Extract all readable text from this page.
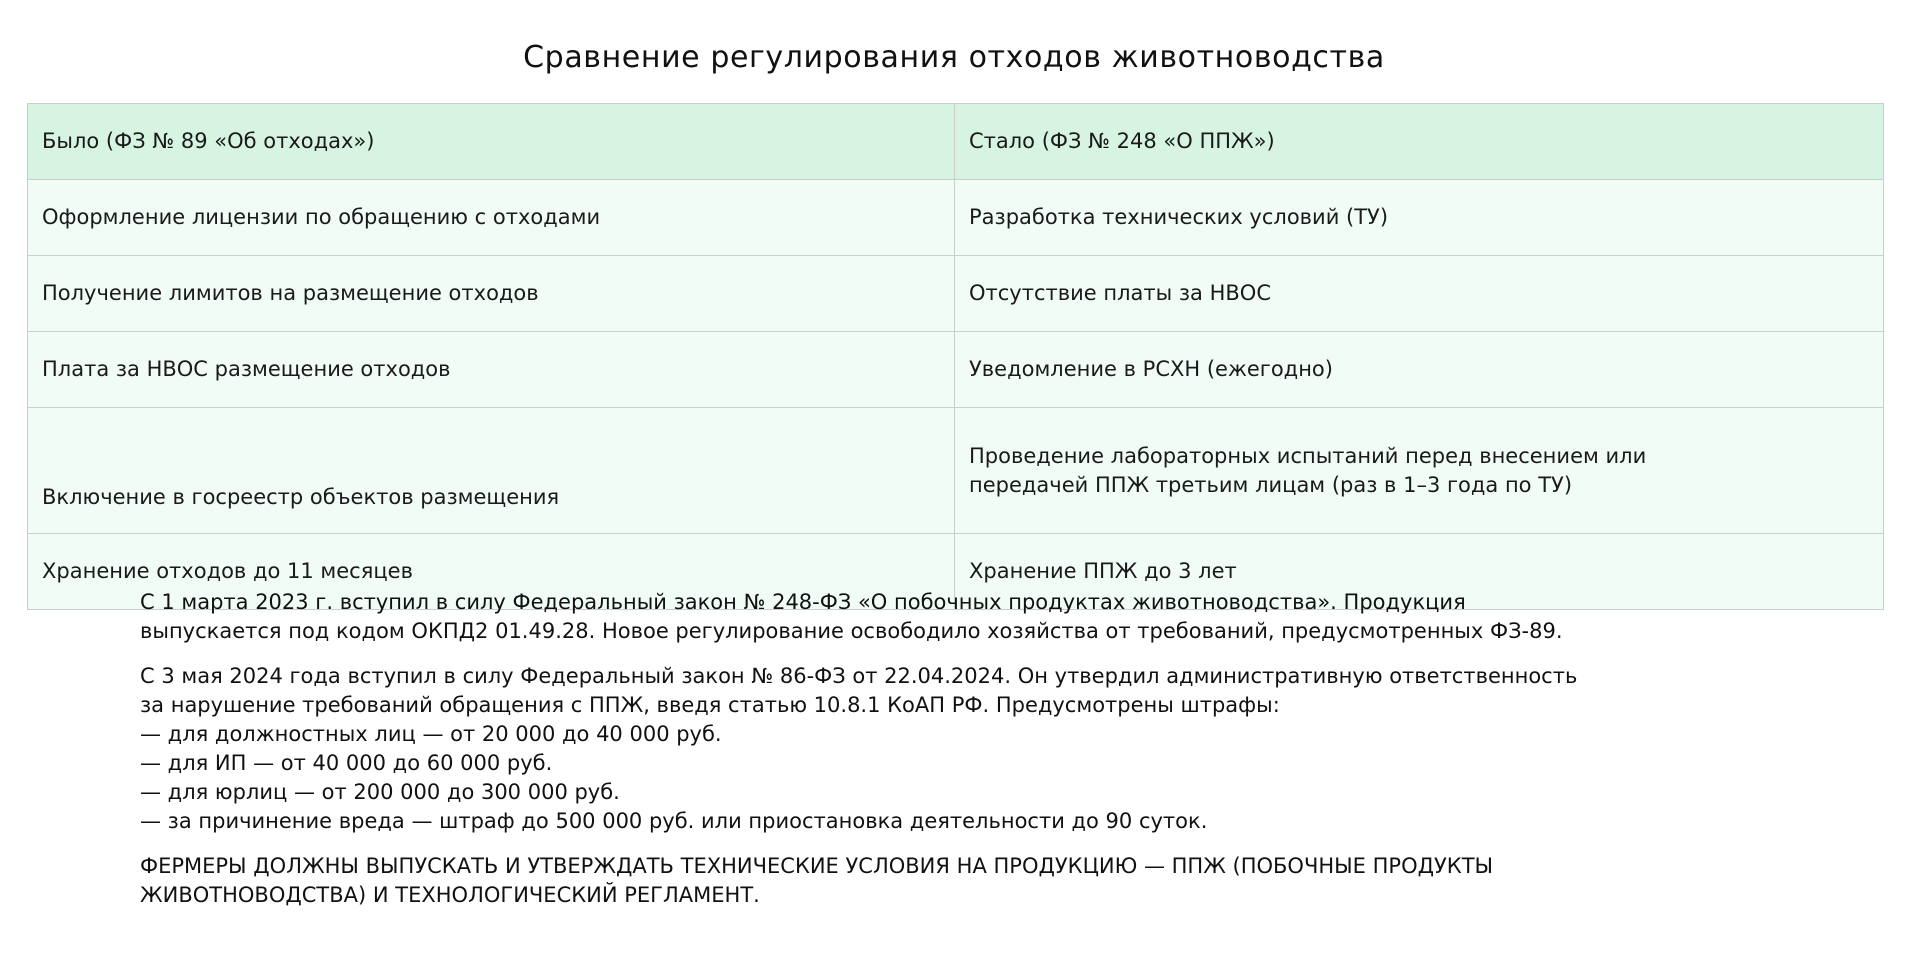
Сравнение регулирования отходов животноводства
Было (ФЗ № 89 «Об отходах»)	Стало (ФЗ № 248 «О ППЖ»)
Оформление лицензии по обращению с отходами	Разработка технических условий (ТУ)
Получение лимитов на размещение отходов	Отсутствие платы за НВОС
Плата за НВОС размещение отходов	Уведомление в РСХН (ежегодно)
Включение в госреестр объектов размещения	Проведение лабораторных испытаний перед внесением или
передачей ППЖ третьим лицам (раз в 1–3 года по ТУ)

Хранение отходов до 11 месяцев	Хранение ППЖ до 3 лет

С 1 марта 2023 г. вступил в силу Федеральный закон № 248-ФЗ «О побочных продуктах животноводства». Продукция
выпускается под кодом ОКПД2 01.49.28. Новое регулирование освободило хозяйства от требований, предусмотренных ФЗ-89.

С 3 мая 2024 года вступил в силу Федеральный закон № 86-ФЗ от 22.04.2024. Он утвердил административную ответственность
за нарушение требований обращения с ППЖ, введя статью 10.8.1 КоАП РФ. Предусмотрены штрафы:
— для должностных лиц — от 20 000 до 40 000 руб.
— для ИП — от 40 000 до 60 000 руб.
— для юрлиц — от 200 000 до 300 000 руб.
— за причинение вреда — штраф до 500 000 руб. или приостановка деятельности до 90 суток.

ФЕРМЕРЫ ДОЛЖНЫ ВЫПУСКАТЬ И УТВЕРЖДАТЬ ТЕХНИЧЕСКИЕ УСЛОВИЯ НА ПРОДУКЦИЮ — ППЖ (ПОБОЧНЫЕ ПРОДУКТЫ
ЖИВОТНОВОДСТВА) И ТЕХНОЛОГИЧЕСКИЙ РЕГЛАМЕНТ.
